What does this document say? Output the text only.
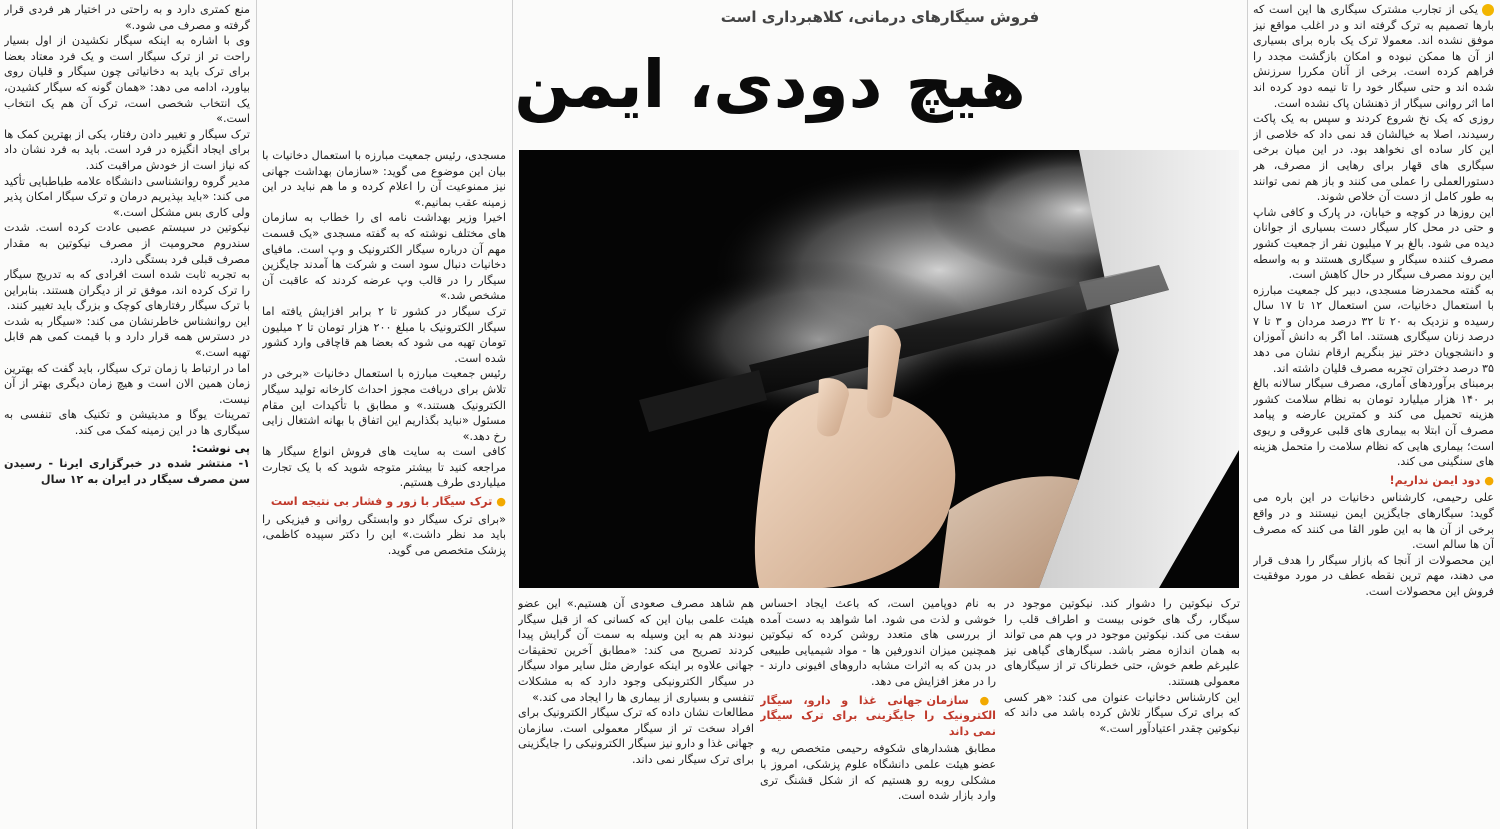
منع کمتری دارد و به راحتی در اختیار هر فردی قرار گرفته و مصرف می شود.»

وی با اشاره به اینکه سیگار نکشیدن از اول بسیار راحت تر از ترک سیگار است و یک فرد معتاد بعضا برای ترک باید به دخانیاتی چون سیگار و قلیان روی بیاورد، ادامه می دهد: «همان گونه که سیگار کشیدن، یک انتخاب شخصی است، ترک آن هم یک انتخاب است.»

ترک سیگار و تغییر دادن رفتار، یکی از بهترین کمک ها برای ایجاد انگیزه در فرد است. باید به فرد نشان داد که نیاز است از خودش مراقبت کند.

مدیر گروه روانشناسی دانشگاه علامه طباطبایی تأکید می کند: «باید بپذیریم درمان و ترک سیگار امکان پذیر ولی کاری بس مشکل است.»

نیکوتین در سیستم عصبی عادت کرده است. شدت سندروم محرومیت از مصرف نیکوتین به مقدار مصرف قبلی فرد بستگی دارد.

به تجربه ثابت شده است افرادی که به تدریج سیگار را ترک کرده اند، موفق تر از دیگران هستند. بنابراین با ترک سیگار رفتارهای کوچک و بزرگ باید تغییر کنند.

این روانشناس خاطرنشان می کند: «سیگار به شدت در دسترس همه قرار دارد و با قیمت کمی هم قابل تهیه است.»

اما در ارتباط با زمان ترک سیگار، باید گفت که بهترین زمان همین الان است و هیچ زمان دیگری بهتر از آن نیست.

تمرینات یوگا و مدیتیشن و تکنیک های تنفسی به سیگاری ها در این زمینه کمک می کند.

پی نوشت:

۱- منتشر شده در خبرگزاری ایرنا - رسیدن سن مصرف سیگار در ایران به ۱۲ سال

مسجدی، رئیس جمعیت مبارزه با استعمال دخانیات با بیان این موضوع می گوید: «سازمان بهداشت جهانی نیز ممنوعیت آن را اعلام کرده و ما هم نباید در این زمینه عقب بمانیم.»

اخیرا وزیر بهداشت نامه ای را خطاب به سازمان های مختلف نوشته که به گفته مسجدی «یک قسمت مهم آن درباره سیگار الکترونیک و وپ است. مافیای دخانیات دنبال سود است و شرکت ها آمدند جایگزین سیگار را در قالب وپ عرضه کردند که عاقبت آن مشخص شد.»

ترک سیگار در کشور تا ۲ برابر افزایش یافته اما سیگار الکترونیک با مبلغ ۲۰۰ هزار تومان تا ۲ میلیون تومان تهیه می شود که بعضا هم قاچاقی وارد کشور شده است.

رئیس جمعیت مبارزه با استعمال دخانیات «برخی در تلاش برای دریافت مجوز احداث کارخانه تولید سیگار الکترونیک هستند.» و مطابق با تأکیدات این مقام مسئول «نباید بگذاریم این اتفاق با بهانه اشتغال زایی رخ دهد.»

کافی است به سایت های فروش انواع سیگار ها مراجعه کنید تا بیشتر متوجه شوید که با یک تجارت میلیاردی طرف هستیم.

● ترک سیگار با زور و فشار بی نتیجه است

«برای ترک سیگار دو وابستگی روانی و فیزیکی را باید مد نظر داشت.» این را دکتر سپیده کاظمی، پزشک متخصص می گوید.

فروش سیگارهای درمانی، کلاهبرداری است
هیچ دودی، ایمن

ترک نیکوتین را دشوار کند. نیکوتین موجود در سیگار، رگ های خونی بیست و اطراف قلب را سفت می کند. نیکوتین موجود در وپ هم می تواند به همان اندازه مضر باشد. سیگارهای گیاهی نیز علیرغم طعم خوش، حتی خطرناک تر از سیگارهای معمولی هستند.

این کارشناس دخانیات عنوان می کند: «هر کسی که برای ترک سیگار تلاش کرده باشد می داند که نیکوتین چقدر اعتیادآور است.»

به نام دوپامین است، که باعث ایجاد احساس خوشی و لذت می شود. اما شواهد به دست آمده از بررسی های متعدد روشن کرده که نیکوتین همچنین میزان اندورفین ها - مواد شیمیایی طبیعی در بدن که به اثرات مشابه داروهای افیونی دارند - را در مغز افزایش می دهد.

● سازمان جهانی غذا و دارو، سیگار الکترونیک را جایگزینی برای ترک سیگار نمی داند

مطابق هشدارهای شکوفه رحیمی متخصص ریه و عضو هیئت علمی دانشگاه علوم پزشکی، امروز با مشکلی روبه رو هستیم که از شکل قشنگ تری وارد بازار شده است.

هم شاهد مصرف صعودی آن هستیم.» این عضو هیئت علمی بیان این که کسانی که از قبل سیگار نبودند هم به این وسیله به سمت آن گرایش پیدا کردند تصریح می کند: «مطابق آخرین تحقیقات جهانی علاوه بر اینکه عوارض مثل سایر مواد سیگار در سیگار الکترونیکی وجود دارد که به مشکلات تنفسی و بسیاری از بیماری ها را ایجاد می کند.»

مطالعات نشان داده که ترک سیگار الکترونیک برای افراد سخت تر از سیگار معمولی است. سازمان جهانی غذا و دارو نیز سیگار الکترونیکی را جایگزینی برای ترک سیگار نمی داند.

یکی از تجارب مشترک سیگاری ها این است که بارها تصمیم به ترک گرفته اند و در اغلب مواقع نیز موفق نشده اند. معمولا ترک یک باره برای بسیاری از آن ها ممکن نبوده و امکان بازگشت مجدد را فراهم کرده است. برخی از آنان مکررا سرزنش شده اند و حتی سیگار خود را تا نیمه دود کرده اند اما اثر روانی سیگار از ذهنشان پاک نشده است.

روزی که یک نخ شروع کردند و سپس به یک پاکت رسیدند، اصلا به خیالشان قد نمی داد که خلاصی از این کار ساده ای نخواهد بود. در این میان برخی سیگاری های قهار برای رهایی از مصرف، هر دستورالعملی را عملی می کنند و باز هم نمی توانند به طور کامل از دست آن خلاص شوند.

این روزها در کوچه و خیابان، در پارک و کافی شاپ و حتی در محل کار سیگار دست بسیاری از جوانان دیده می شود. بالغ بر ۷ میلیون نفر از جمعیت کشور مصرف کننده سیگار و سیگاری هستند و به واسطه این روند مصرف سیگار در حال کاهش است.

به گفته محمدرضا مسجدی، دبیر کل جمعیت مبارزه با استعمال دخانیات، سن استعمال ۱۲ تا ۱۷ سال رسیده و نزدیک به ۲۰ تا ۳۲ درصد مردان و ۳ تا ۷ درصد زنان سیگاری هستند. اما اگر به دانش آموزان و دانشجویان دختر نیز بنگریم ارقام نشان می دهد ۳۵ درصد دختران تجربه مصرف قلیان داشته اند.

برمبنای برآوردهای آماری، مصرف سیگار سالانه بالغ بر ۱۴۰ هزار میلیارد تومان به نظام سلامت کشور هزینه تحمیل می کند و کمترین عارضه و پیامد مصرف آن ابتلا به بیماری های قلبی عروقی و ریوی است؛ بیماری هایی که نظام سلامت را متحمل هزینه های سنگینی می کند.

● دود ایمن نداریم!

علی رحیمی، کارشناس دخانیات در این باره می گوید: سیگارهای جایگزین ایمن نیستند و در واقع برخی از آن ها به این طور القا می کنند که مصرف آن ها سالم است.

این محصولات از آنجا که بازار سیگار را هدف قرار می دهند، مهم ترین نقطه عطف در مورد موفقیت فروش این محصولات است.
